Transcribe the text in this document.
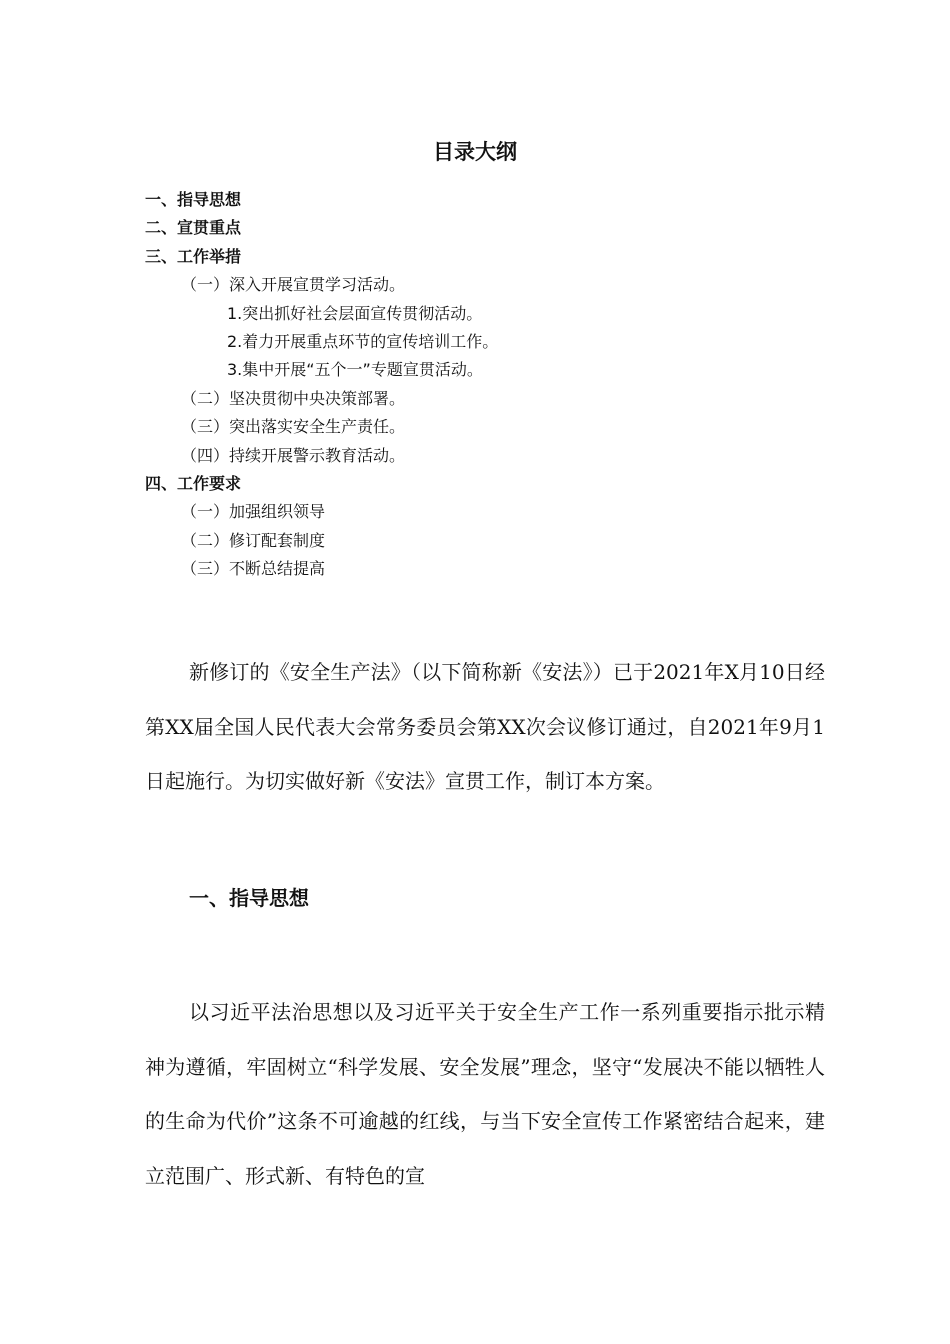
目录大纲
一、指导思想
二、宣贯重点
三、工作举措
（一）深入开展宣贯学习活动。
1.突出抓好社会层面宣传贯彻活动。
2.着力开展重点环节的宣传培训工作。
3.集中开展“五个一”专题宣贯活动。
（二）坚决贯彻中央决策部署。
（三）突出落实安全生产责任。
（四）持续开展警示教育活动。
四、工作要求
（一）加强组织领导
（二）修订配套制度
（三）不断总结提高

新修订的《安全生产法》（以下简称新《安法》）已于2021年X月10日经第XX届全国人民代表大会常务委员会第XX次会议修订通过，自2021年9月1日起施行。为切实做好新《安法》宣贯工作，制订本方案。

一、指导思想

以习近平法治思想以及习近平关于安全生产工作一系列重要指示批示精神为遵循，牢固树立“科学发展、安全发展”理念，坚守“发展决不能以牺牲人的生命为代价”这条不可逾越的红线，与当下安全宣传工作紧密结合起来，建立范围广、形式新、有特色的宣
